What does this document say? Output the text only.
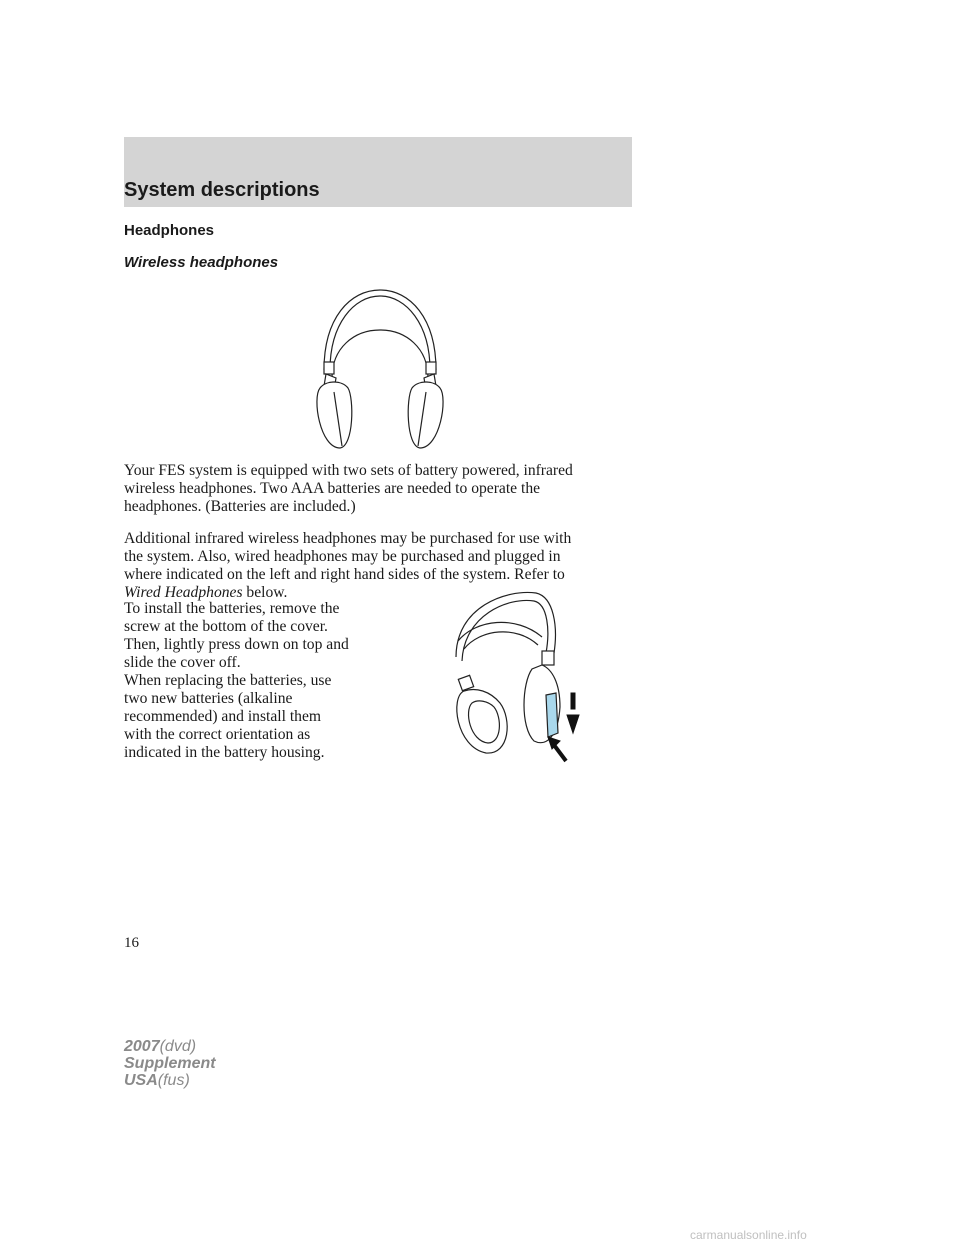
System descriptions
Headphones
Wireless headphones
Your FES system is equipped with two sets of battery powered, infrared
wireless headphones. Two AAA batteries are needed to operate the
headphones. (Batteries are included.)
Additional infrared wireless headphones may be purchased for use with
the system. Also, wired headphones may be purchased and plugged in
where indicated on the left and right hand sides of the system. Refer to
Wired Headphones below.
To install the batteries, remove the
screw at the bottom of the cover.
Then, lightly press down on top and
slide the cover off.
When replacing the batteries, use
two new batteries (alkaline
recommended) and install them
with the correct orientation as
indicated in the battery housing.
16
2007(dvd)
Supplement
USA(fus)
carmanualsonline.info
